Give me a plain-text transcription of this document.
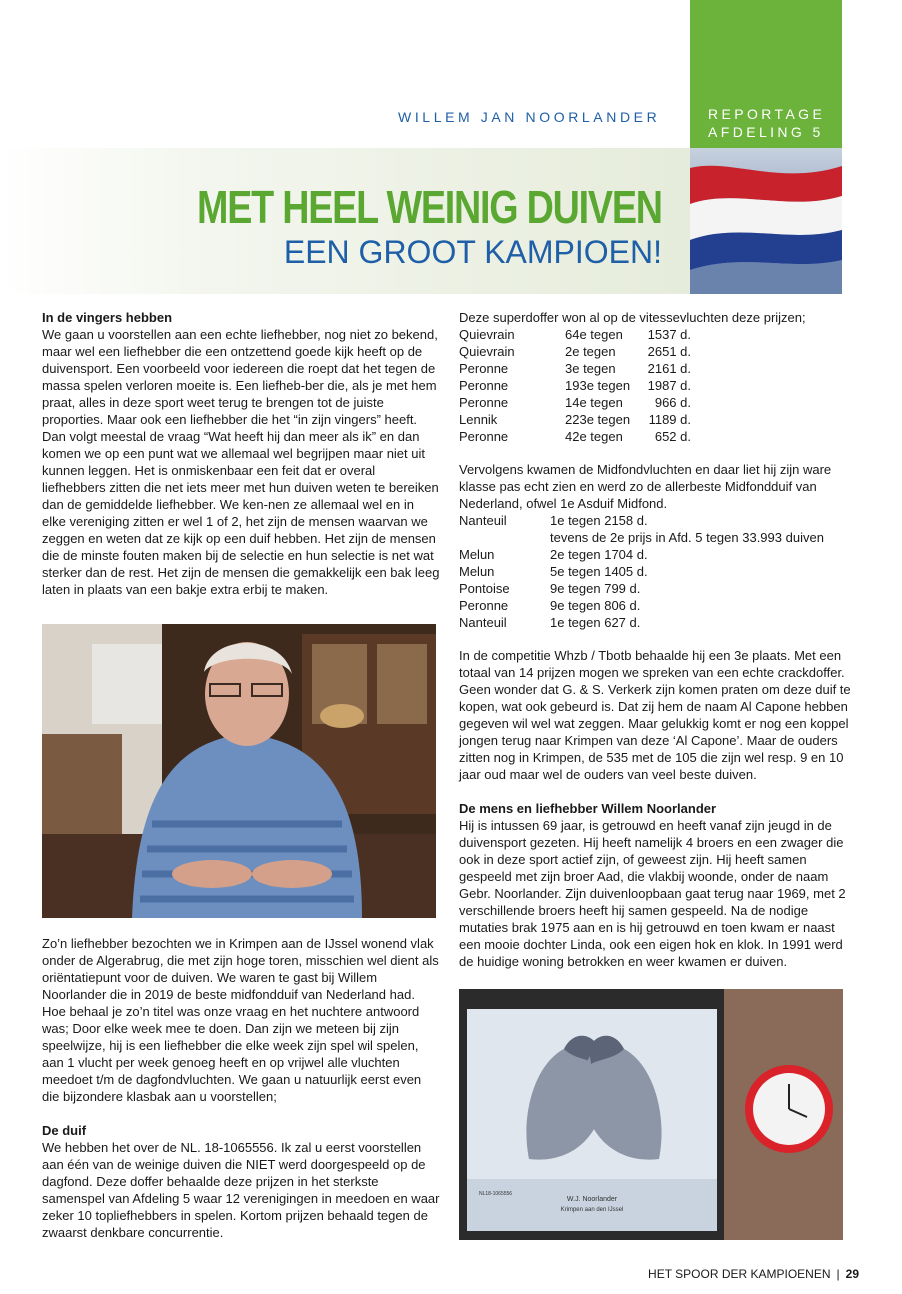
WILLEM JAN NOORLANDER	REPORTAGE
AFDELING 5
MET HEEL WEINIG DUIVEN
EEN GROOT KAMPIOEN!

In de vingers hebben

We gaan u voorstellen aan een echte liefhebber, nog niet zo bekend, maar wel een liefhebber die een ontzettend goede kijk heeft op de duivensport. Een voorbeeld voor iedereen die roept dat het tegen de massa spelen verloren moeite is. Een liefheb-ber die, als je met hem praat, alles in deze sport weet terug te brengen tot de juiste proporties. Maar ook een liefhebber die het “in zijn vingers” heeft. Dan volgt meestal de vraag “Wat heeft hij dan meer als ik” en dan komen we op een punt wat we allemaal wel begrijpen maar niet uit kunnen leggen. Het is onmiskenbaar een feit dat er overal liefhebbers zitten die net iets meer met hun duiven weten te bereiken dan de gemiddelde liefhebber. We ken-nen ze allemaal wel en in elke vereniging zitten er wel 1 of 2, het zijn de mensen waarvan we zeggen en weten dat ze kijk op een duif hebben. Het zijn de mensen die de minste fouten maken bij de selectie en hun selectie is net wat sterker dan de rest. Het zijn de mensen die gemakkelijk een bak leeg laten in plaats van een bakje extra erbij te maken.

Zo’n liefhebber bezochten we in Krimpen aan de IJssel wonend vlak onder de Algerabrug, die met zijn hoge toren, misschien wel dient als oriëntatiepunt voor de duiven. We waren te gast bij Willem Noorlander die in 2019 de beste midfondduif van Nederland had. Hoe behaal je zo’n titel was onze vraag en het nuchtere antwoord was; Door elke week mee te doen. Dan zijn we meteen bij zijn speelwijze, hij is een liefhebber die elke week zijn spel wil spelen, aan 1 vlucht per week genoeg heeft en op vrijwel alle vluchten meedoet t/m de dagfondvluchten. We gaan u natuurlijk eerst even die bijzondere klasbak aan u voorstellen;

De duif

We hebben het over de NL. 18-1065556. Ik zal u eerst voorstellen aan één van de weinige duiven die NIET werd doorgespeeld op de dagfond. Deze doffer behaalde deze prijzen in het sterkste samenspel van Afdeling 5 waar 12 verenigingen in meedoen en waar zeker 10 topliefhebbers in spelen. Kortom prijzen behaald tegen de zwaarst denkbare concurrentie.

Deze superdoffer won al op de vitessevluchten deze prijzen;

Quievrain	64e tegen 1537 d.
Quievrain	2e tegen 2651 d.
Peronne	3e tegen 2161 d.
Peronne	193e tegen 1987 d.
Peronne	14e tegen 966 d.
Lennik	223e tegen 1189 d.
Peronne	42e tegen 652 d.

Vervolgens kwamen de Midfondvluchten en daar liet hij zijn ware klasse pas echt zien en werd zo de allerbeste Midfondduif van Nederland, ofwel 1e Asduif Midfond.

Nanteuil	1e tegen 2158 d.
tevens de 2e prijs in Afd. 5 tegen 33.993 duiven
Melun	2e tegen 1704 d.
Melun	5e tegen 1405 d.
Pontoise	9e tegen 799 d.
Peronne	9e tegen 806 d.
Nanteuil	1e tegen 627 d.

In de competitie Whzb / Tbotb behaalde hij een 3e plaats. Met een totaal van 14 prijzen mogen we spreken van een echte crackdoffer. Geen wonder dat G. & S. Verkerk zijn komen praten om deze duif te kopen, wat ook gebeurd is. Dat zij hem de naam Al Capone hebben gegeven wil wel wat zeggen. Maar gelukkig komt er nog een koppel jongen terug naar Krimpen van deze ‘Al Capone’. Maar de ouders zitten nog in Krimpen, de 535 met de 105 die zijn wel resp. 9 en 10 jaar oud maar wel de ouders van veel beste duiven.

De mens en liefhebber Willem Noorlander

Hij is intussen 69 jaar, is getrouwd en heeft vanaf zijn jeugd in de duivensport gezeten. Hij heeft namelijk 4 broers en een zwager die ook in deze sport actief zijn, of geweest zijn. Hij heeft samen gespeeld met zijn broer Aad, die vlakbij woonde, onder de naam Gebr. Noorlander. Zijn duivenloopbaan gaat terug naar 1969, met 2 verschillende broers heeft hij samen gespeeld. Na de nodige mutaties brak 1975 aan en is hij getrouwd en toen kwam er naast een mooie dochter Linda, ook een eigen hok en klok. In 1991 werd de huidige woning betrokken en weer kwamen er duiven.

W.J. Noorlander
Krimpen aan den IJssel
NL18-1065556
HET SPOOR DER KAMPIOENEN | 29
